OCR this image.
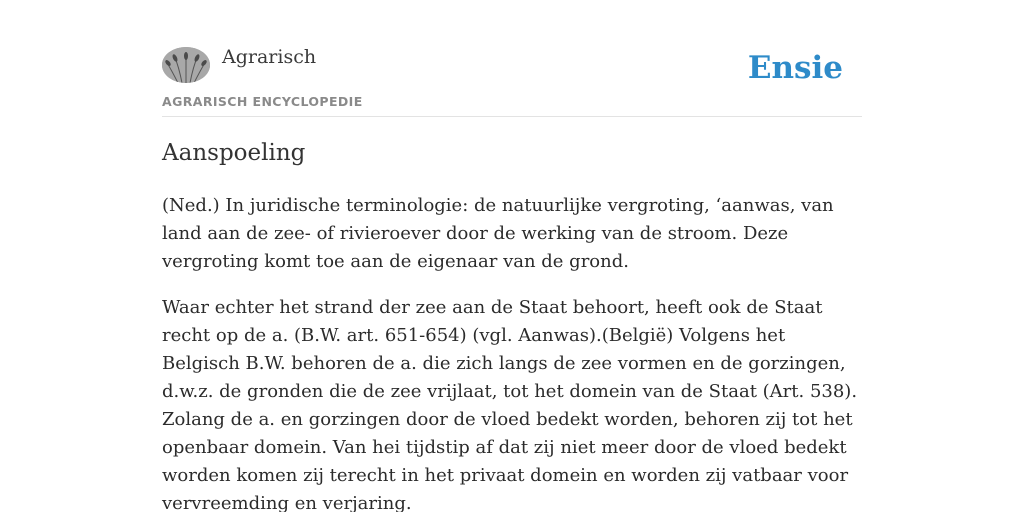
Agrarisch
AGRARISCH ENCYCLOPEDIE
Ensie
Aanspoeling

(Ned.) In juridische terminologie: de natuurlijke vergroting, ‘aanwas, van land aan de zee- of rivieroever door de werking van de stroom. Deze vergroting komt toe aan de eigenaar van de grond.

Waar echter het strand der zee aan de Staat behoort, heeft ook de Staat recht op de a. (B.W. art. 651-654) (vgl. Aanwas).(België) Volgens het Belgisch B.W. behoren de a. die zich langs de zee vormen en de gorzingen, d.w.z. de gronden die de zee vrijlaat, tot het domein van de Staat (Art. 538). Zolang de a. en gorzingen door de vloed bedekt worden, behoren zij tot het openbaar domein. Van hei tijdstip af dat zij niet meer door de vloed bedekt worden komen zij terecht in het privaat domein en worden zij vatbaar voor vervreemding en verjaring.
